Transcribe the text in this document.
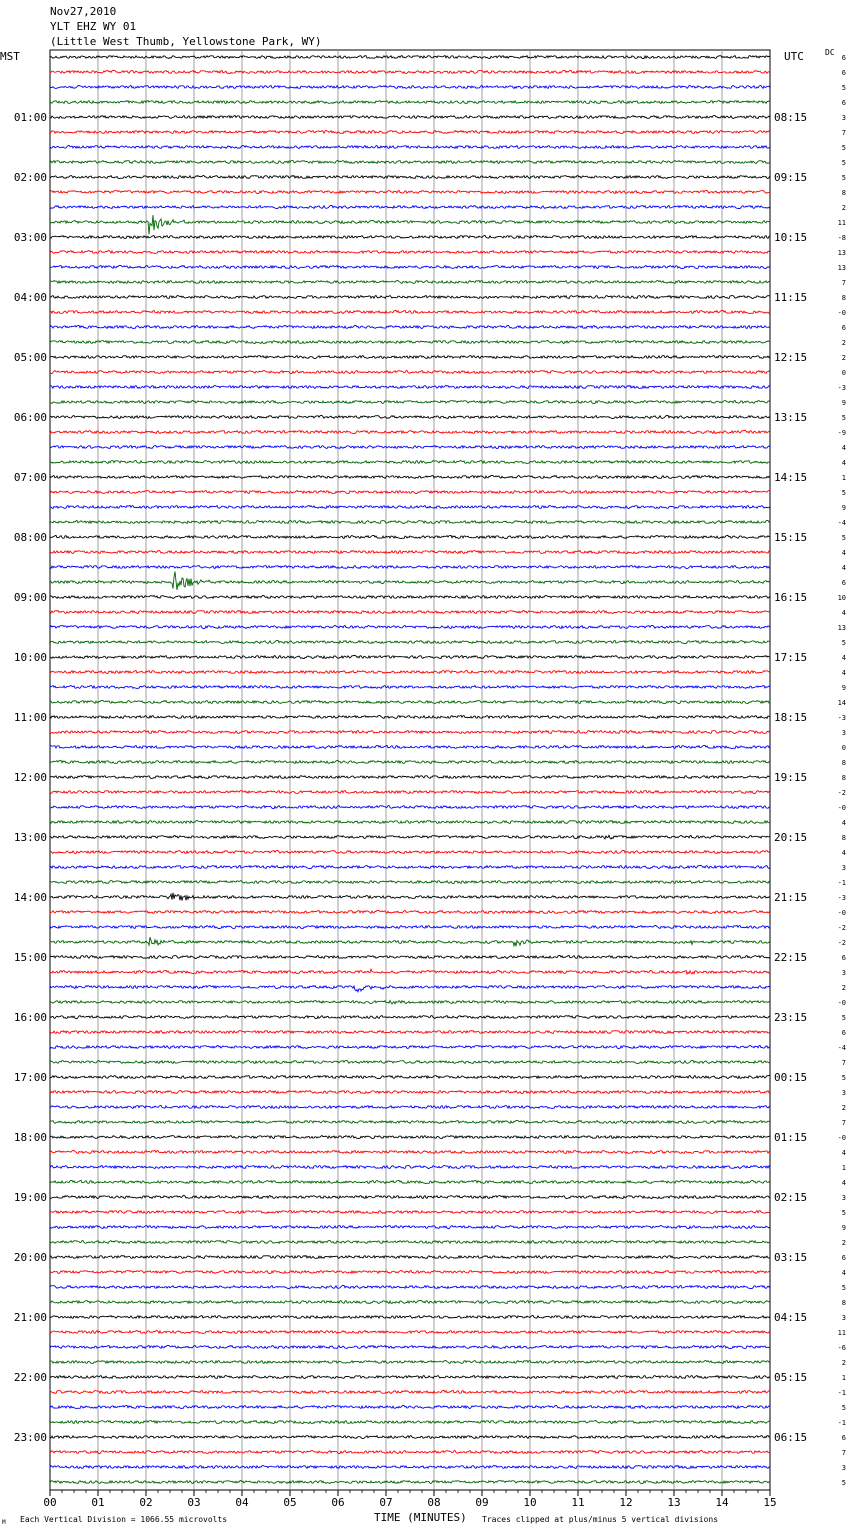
Nov27,2010
YLT EHZ WY 01
(Little West Thumb, Yellowstone Park, WY)
MST	UTC	DC
00	01	02	03	04	05	06	07	08	09	10	11	12	13	14	15
6
6
5
6
3
7
5
5
5
8
2
11
-8
13
13
7
8
-0
6
2
2
0
-3
9
5
-9
4
4
1
5
9
-4
5
4
4
6
10
4
13
5
4
4
9
14
-3
3
0
8
8
-2
-0
4
8
4
3
-1
-3
-0
-2
-2
6
3
2
-0
5
6
-4
7
5
3
2
7
-0
4
1
4
3
5
9
2
6
4
5
8
3
11
-6
2
1
-1
5
-1
6
7
3
5
01:00	08:15
02:00	09:15
03:00	10:15
04:00	11:15
05:00	12:15
06:00	13:15
07:00	14:15
08:00	15:15
09:00	16:15
10:00	17:15
11:00	18:15
12:00	19:15
13:00	20:15
14:00	21:15
15:00	22:15
16:00	23:15
17:00	00:15
18:00	01:15
19:00	02:15
20:00	03:15
21:00	04:15
22:00	05:15
23:00	06:15
Each Vertical Division = 1066.55 microvolts	TIME (MINUTES) Traces clipped at plus/minus 5 vertical divisions
M
